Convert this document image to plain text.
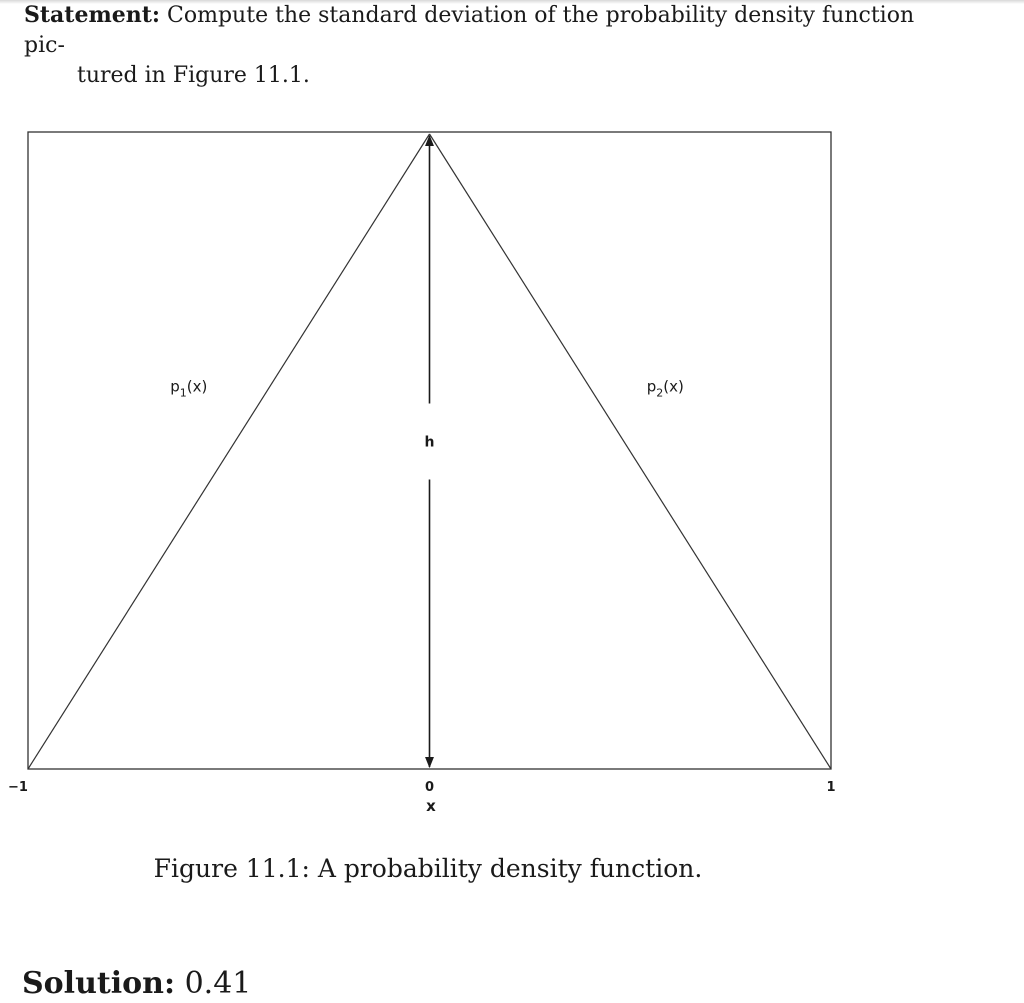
Statement: Compute the standard deviation of the probability density function pic-
tured in Figure 11.1.
$p_1(x)$	$p_2(x)$
h
−1	0	1
x
Figure 11.1: A probability density function.
Solution: 0.41
